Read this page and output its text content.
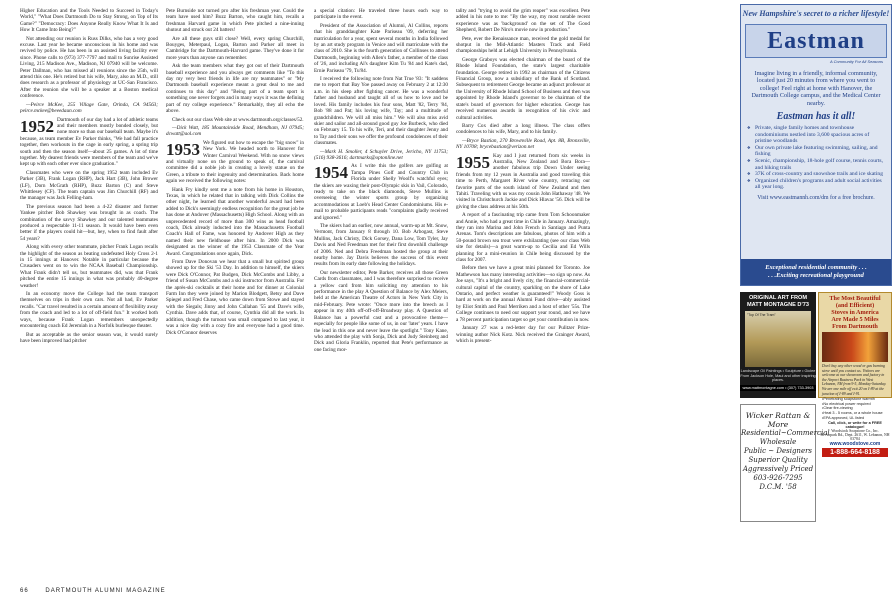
Higher Education and the Tools Needed to Succeed in Today's World," "What Does Dartmouth Do to Stay Strong, on Top of Its Game?" "Democracy: Does Anyone Really Know What It Is and How It Came Into Being?"

Not attending our reunion is Russ Dilks, who has a very good excuse. Last year he became unconscious in his home and was revived by police. He has been in an assisted living facility ever since. Phone calls to (973) 377-7797 and mail to Sunrise Assisted Living, 215 Madison Ave., Madison, NJ 07940 will be welcome. Peter Dallman, who has missed all reunions since the 25th, will attend this one. He's retired but his wife, Mary, also an M.D., still does research as a professor of physiology at UC-San Francisco. After the reunion she will be a speaker at a Boston medical conference.

—Peirce McKee, 255 Village Gate, Orinda, CA 94563; peirce.mckee@beeedaun.com

1952 Dartmouth of our day had a lot of athletic teams and their members mostly bonded closely, but none more so than our baseball team. Maybe it's because, as team member Ev Parker thinks, "We had fall practice together, then workouts in the cage in early spring, a spring trip south and then the season itself—about 25 games. A lot of time together. My dearest friends were members of the team and we've kept up with each other ever since graduation."

Classmates who were on the spring 1952 team included Ev Parker (3B), Frank Logan (RHP), Jack Hart (3B), John Brower (LF), Dorn McGrath (RHP), Buzz Barton (C) and Steve Whittlesey (CF). The team captain was Jim Churchill (RF) and the manager was Jack Felling-ham.

The previous season had been a 4-22 disaster and former Yankee pitcher Bob Shawkey was brought in as coach. The combination of the savvy Shawkey and our talented teammates produced a respectable 11-11 season. It would have been even better if the players could hit—but, hey, when to find fault after 54 years?

Along with every other teammate, pitcher Frank Logan recalls the highlight of the season as beating undefeated Holy Cross 2-1 in 15 innings at Hanover. Notable in particular because the Crusaders went on to win the NCAA Baseball Championship. What Frank didn't tell us, but teammates did, was that Frank pitched the entire 15 innings in what was probably 40-degree weather!

In an economy move the College had the team transport themselves on trips in their own cars. Not all had, Ev Parker recalls. "Car travel resulted in a certain amount of flexibility away from the coach and led to a lot of off-field fun." It worked both ways, because Frank Logan remembers unexpectedly encountering coach Ed Jeremiah in a Norfolk burlesque theater.

But as acceptable as the senior season was, it would surely have been improved had pitcher

Pete Burnside not turned pro after his freshman year. Could the team have used him? Buzz Barton, who caught him, recalls a freshman Harvard game in which Pete pitched a nine-inning shutout and struck out 24 batters!

Are all these guys still close? Well, every spring Churchill, Bouyges, Meterpaul, Logan, Barton and Parker all meet in Cambridge for the Dartmouth-Harvard game. They've done it for more years than anyone can remember.

Ask the team members what they got out of their Dartmouth baseball experience and you always get comments like "To this day my very best friends in life are my teammates" or "My Dartmouth baseball experience meant a great deal to me and continues to this day" and "Being part of a team sport is something one never forgets and in many ways it was the defining part of my college experience." Remarkably, they all echo the above.

Check out our class Web site at www.dartmouth.org/classes/52.

—Dick Watt, 185 Mountainside Road, Mendham, NJ 07945; dcwatt@aol.com

1953 We figured out how to escape the "big snow" in New York. We headed north to Hanover for Winter Carnival Weekend. With no snow views and virtually none on the ground to speak of, the carnival committee did a noble job in creating a lovely statue on the Green, a tribute to their ingenuity and determination. Back home again we received the following notes:

Hank Fry kindly sent me a note from his home in Houston, Texas, in which he related that in talking with Dick Collins the other night, he learned that another wonderful award had been added to Dick's seemingly endless recognition for the great job he has done at Andover (Massachusetts) High School. Along with an unprecedented record of more than 300 wins as head football coach, Dick already inducted into the Massachusetts Football Coach's Hall of Fame, was honored by Andover High as they named their new fieldhouse after him. In 2000 Dick was designated as the winner of the 1953 Classmate of the Year Award. Congratulations once again, Dick.

From Dave Donovan we hear that a small but spirited group showed up for the Ski '53 Day. In addition to himself, the skiers were Dick O'Connor, Pat Budgen, Dick McCombs and Libby, a friend of Susan McCombs and a ski instructor from Australia. For the après-ski cocktails at their home and for dinner at Colonial Farm Inn they were joined by Marion Blodgett, Betsy and Dave Spiegel and Fred Chase, who came down from Stowe and stayed with the Siegals; Jinny and John Callahan '55 and Dave's wife, Cynthia. Dave adds that, of course, Cynthia did all the work. In addition, though the turnout was small compared to last year, it was a nice day with a cozy fire and everyone had a good time. Dick O'Connor deserves

a special citation: He traveled three hours each way to participate in the event.

President of the Association of Alumni, Al Collins, reports that his granddaughter Kate Pariseau '09, deferring her matriculation for a year, spent several months in India followed by an art study program in Venice and will matriculate with the class of 2010. She is the fourth generation of Collinses to attend Dartmouth, beginning with Allen's father, a member of the class of '26, and including Al's daughter Kim Tu '84 and Kate's dad, Ernie Pariseau '79, Tu'84.

I received the following note from Nat True '83: "It saddens me to report that Bay Yoe passed away on February 2 at 12:30 a.m. in his sleep after fighting cancer. He was a wonderful father and husband and taught all of us how to love and be loved. His family includes his four sons, Matt '82, Terry '84, Bob '88 and Pat; his loving wife, Tay; and a multitude of grandchildren. We will all miss him." We will also miss avid skier and sailor and all-around good guy Joe Burbeck, who died on February 15. To his wife, Teri, and their daughter Jenny and to Tay and their sons we offer the profound condolences of their classmates.

—Mark H. Smoller, 4 Schuyler Drive, Jericho, NY 11753; (516) 938-3616; dartmarks@optonline.net

1954 As I write this the golfers are golfing at Tampa Pines Golf and Country Club in Florida under Shelly Woolf's watchful eyes; the skiers are waxing their post-Olympic skis in Vail, Colorado, ready to take on the black diamonds, Steve Mullins is overseeing the winter sports group by organizing accommodations at Loeb's Head Center Condominiums. His e-mail to probable participants reads "complaints gladly received and ignored."

The skiers had an earlier, now annual, warm-up at Mt. Snow, Vermont, from January 8 through 10. Bob Arbogast, Steve Mullins, Jack Christy, Dick Gorsey, Dana Low, Tom Tyler, Jay Davis and Ned Freedman met for their first downhill challenge of 2006. Ned and Debra Freedman hosted the group at their nearby home. Jay Davis believes the success of this event results from its early date following the holidays.

Our newsletter editor, Pete Barker, receives all those Green Cards from classmates, and I was therefore surprised to receive a yellow card from him soliciting my attention to his performance in the play A Question of Balance by Alex Meiers, held at the American Theatre of Actors in New York City in mid-February. Pete wrote: "Once more into the breech as I appear in my 40th off-off-off-Broadway play. A Question of Balance has a powerful cast and a provocative theme—especially for people like some of us, in our 'later' years. I have the lead in this one and never leave the spotlight." Tony Kane, who attended the play with Sonja, Dick and Judy Steinberg and Dick and Gloria Franklin, reported that Pete's performance as one facing mor-

tality and "trying to avoid the grim reaper" was excellent. Pete added in his note to me: "By the way, my most notable recent experience was as 'background' on the set of The Good Shepherd, Robert De Niro's movie now in production."

Pete, ever the Renaissance man, received the gold medal for shotput in the Mid-Atlantic Masters Track and Field championships held at Lehigh University in Pennsylvania.

George Graboys was elected chairman of the board of the Rhode Island Foundation, the state's largest charitable foundation. George retired in 1992 as chairman of the Citizens Financial Group, now a subsidiary of the Bank of Scotland. Subsequent to retirement George became an adjunct professor at the University of Rhode Island School of Business and then was appointed by Rhode Island's governor to be chairman of the state's board of governors for higher education. George has received numerous awards in recognition of his civic and cultural activities.

Barry Cox died after a long illness. The class offers condolences to his wife, Mary, and to his family.

—Bryce Bastian, 270 Brownville Road, Apt. 8B, Bronxville, NY 10708; brycebastian@verizon.net

1955 Kay and I just returned from six weeks in Australia, New Zealand and Bora Bora—another fabulous trip Down Under seeing friends from my 12 years in Australia and good traveling this time to Perth, Margaret River wine country, retracing our favorite parts of the south island of New Zealand and then Tahiti. Traveling with us was my cousin John Hathaway '48. We visited in Christchurch Jackie and Dick Hlavac '56. Dick will be giving the class address at his 50th.

A report of a fascinating trip came from Tom Schoonmaker and Annie, who had a great time in Chile in January. Amazingly, they ran into Marina and John French in Santiago and Punta Arenas. Tom's descriptions are fabulous, photos of him with a 50-pound brown sea trout were exhilarating (see our class Web site for details)—a great warm-up to Cecilia and Ed Wills planning for a mini-reunion in Chile being discussed by the class for 2007.

Before then we have a great mini planned for Toronto. Joe Mathewson has many interesting activities—so sign up now. As Joe says, "It's a bright and lively city, the financial-commercial-cultural capital of the country, sparkling on the shore of Lake Ontario, and perfect weather is guaranteed!" Woody Goss is hard at work on the annual Alumni Fund drive—ably assisted by Eliot Smith and Paul Merriken and a host of other '55s. The College continues to need our support year round, and we have a 78 percent participation target so get your contribution in now.

January 27 was a red-letter day for our Pulitzer Prize-winning author Nick Kotz. Nick received the Grainger Award, which is present-

66	DARTMOUTH ALUMNI MAGAZINE
New Hampshire's secret to a richer lifestyle!
Eastman
A Community For All Seasons
Imagine living in a friendly, informal community, located just 20 minutes from where you went to college! Feel right at home with Hanover, the Dartmouth College campus, and the Medical Center nearby.
Eastman has it all!
❖ Private, single family homes and townhouse condominiums nestled into 3,600 spacious acres of pristine woodlands
❖ Our own private lake featuring swimming, sailing, and fishing
❖ Scenic, championship, 18-hole golf course, tennis courts, and hiking trails
❖ 37K of cross-country and snowshoe trails and ice skating
❖ Organized children's programs and adult social activities all year long.
Visit www.eastmannh.com/dm for a free brochure.
Exceptional residential community . . .
. . .Exciting recreational playground
ORIGINAL ART FROM
MATT MONTAGNE D'73
"Top Of The Tram"
Landscape Oil Paintings • Sculpture • Giclee
From Jackson Hole, Maui and other inspiring places.
www.mattmontagne.com • (307) 733-3903
The Most Beautiful
(and Efficient)
Stoves in America
Are Made 5 Miles
From Dartmouth
Don't buy any other wood or gas burning stove until you contact us. Visitors are welcome at our showroom and factory in the Airport Business Park in West Lebanon, NH from 9-5, Monday-Saturday. We are one mile off exit 20 on I-89 at the junction of I-89 and I-91.
• Penetrating soapstone warmth
• No electrical power required
• Clear fire-viewing
• Heat 3 - 5 rooms, or a whole house
• EPA approved, UL listed
Call, click, or write for a FREE catalogue!
Woodstock Soapstone Co., Inc.
66 Airpark Rd., Dept. 2611, W. Lebanon, NH 03784
www.woodstove.com
1-888-664-8188
Wicker Rattan & More
Residential~Commercial
Wholesale
Public ~ Designers
Superior Quality
Aggressively Priced
603-926-7295
D.C.M. '58
